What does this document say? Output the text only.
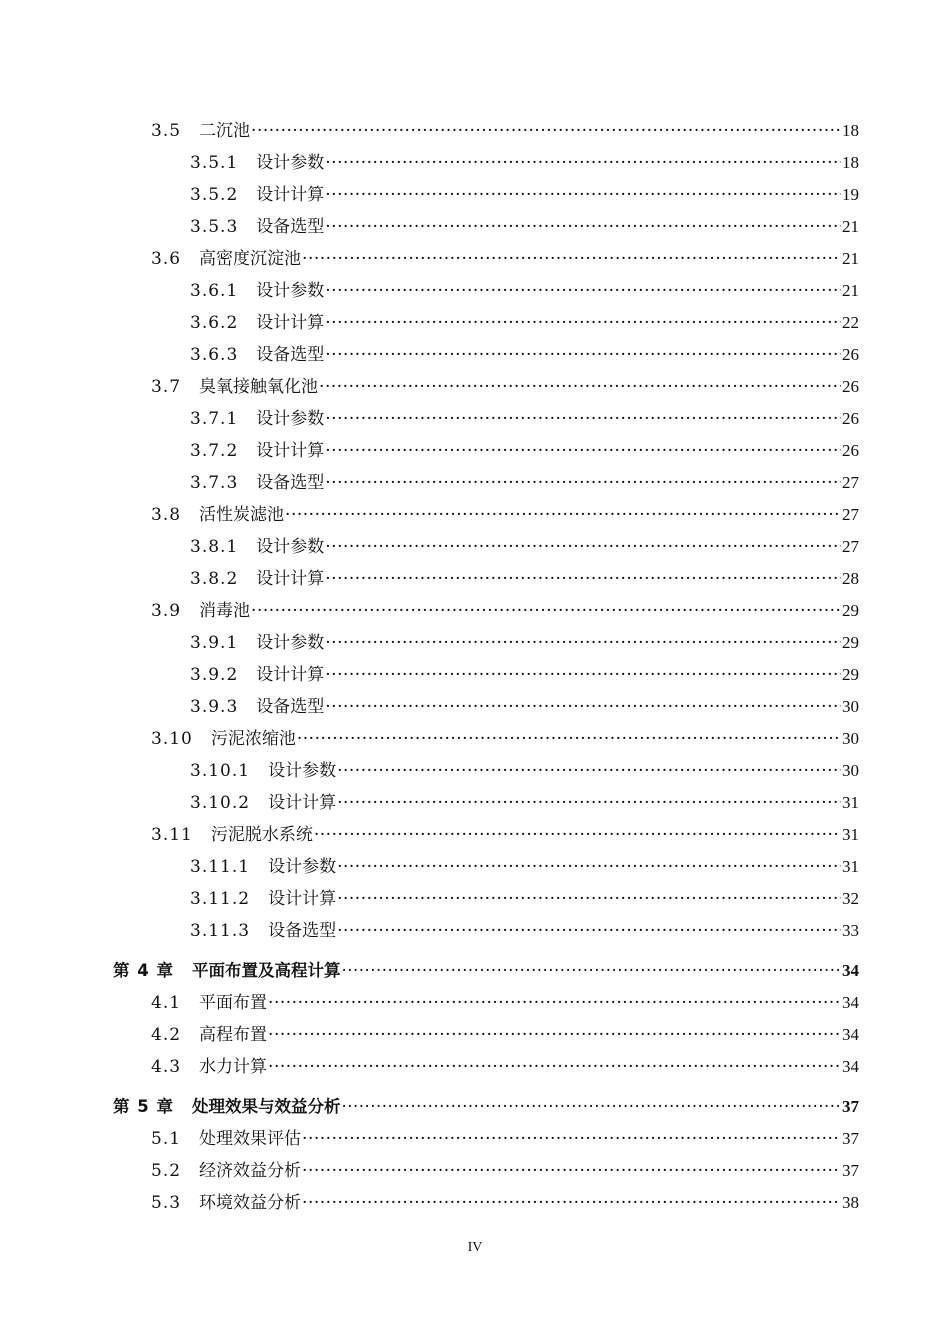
3.5 二沉池 ·····	18
3.5.1 设计参数 ·····	18
3.5.2 设计计算 ·····	19
3.5.3 设备选型 ·····	21
3.6 高密度沉淀池 ·····	21
3.6.1 设计参数 ·····	21
3.6.2 设计计算 ·····	22
3.6.3 设备选型 ·····	26
3.7 臭氧接触氧化池 ·····	26
3.7.1 设计参数 ·····	26
3.7.2 设计计算 ·····	26
3.7.3 设备选型 ·····	27
3.8 活性炭滤池 ·····	27
3.8.1 设计参数 ·····	27
3.8.2 设计计算 ·····	28
3.9 消毒池 ·····	29
3.9.1 设计参数 ·····	29
3.9.2 设计计算 ·····	29
3.9.3 设备选型 ·····	30
3.10 污泥浓缩池 ·····	30
3.10.1 设计参数 ·····	30
3.10.2 设计计算 ·····	31
3.11 污泥脱水系统 ·····	31
3.11.1 设计参数 ·····	31
3.11.2 设计计算 ·····	32
3.11.3 设备选型 ·····	33
第 4 章 平面布置及高程计算 ·····	34
4.1 平面布置 ·····	34
4.2 高程布置 ·····	34
4.3 水力计算 ·····	34
第 5 章 处理效果与效益分析 ·····	37
5.1 处理效果评估 ·····	37
5.2 经济效益分析 ·····	37
5.3 环境效益分析 ·····	38
IV
